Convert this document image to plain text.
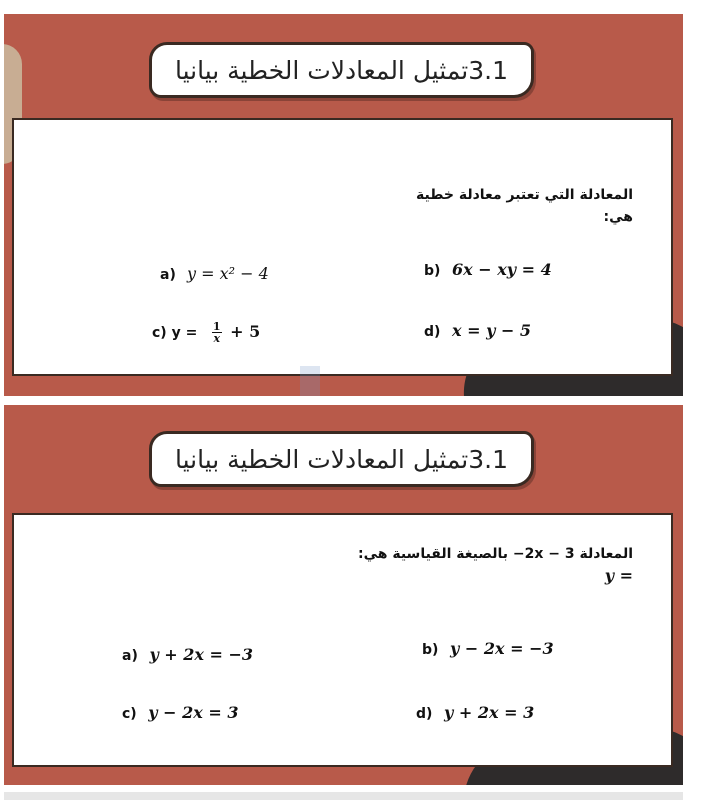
3.1تمثيل المعادلات الخطية بيانيا
المعادلة التي تعتبر معادلة خطية
هي:
a) y = x² − 4	b) 6x − xy = 4
c) $y = \frac{1}{x} + 5$	d) x = y − 5
3.1تمثيل المعادلات الخطية بيانيا
المعادلة 3 − 2x− بالصيغة القياسية هي:
= y
a) y + 2x = −3	b) y − 2x = −3
c) y − 2x = 3	d) y + 2x = 3
